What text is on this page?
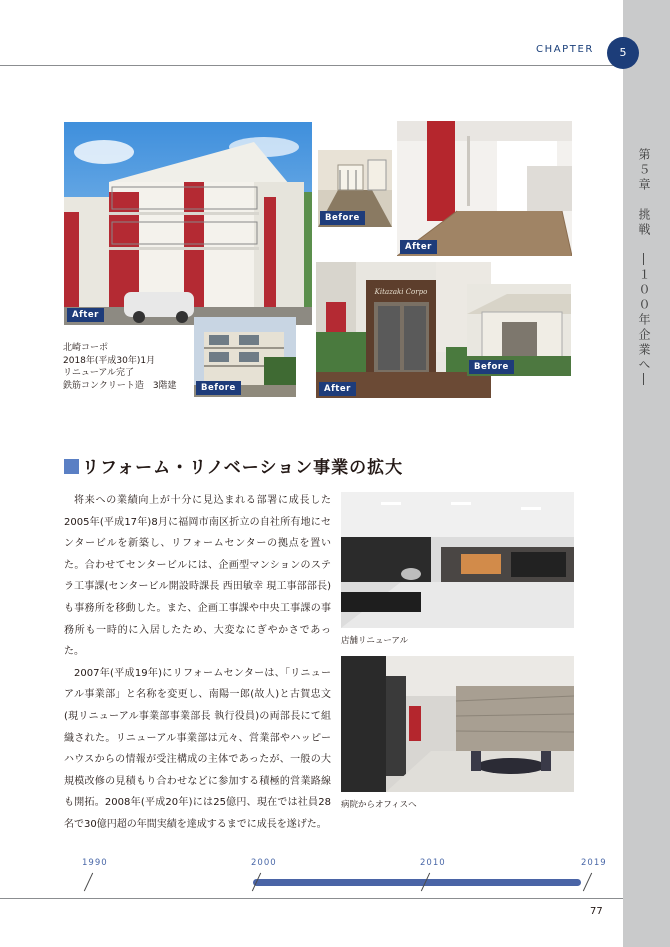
CHAPTER	5
第５章　挑戦　―１００年企業へ―
After
Before
After
Kitazaki Corpo
After
Before
Before
北崎コーポ
2018年(平成30年)1月
リニューアル完了
鉄筋コンクリート造　3階建
リフォーム・リノベーション事業の拡大

将来への業績向上が十分に見込まれる部署に成長した2005年(平成17年)8月に福岡市南区折立の自社所有地にセンタービルを新築し、リフォームセンターの拠点を置いた。合わせてセンタービルには、企画型マンションのステラ工事課(センタービル開設時課長 西田敏幸 現工事部部長)も事務所を移動した。また、企画工事課や中央工事課の事務所も一時的に入居したため、大変なにぎやかさであった。

2007年(平成19年)にリフォームセンターは、「リニューアル事業部」と名称を変更し、南陽一郎(故人)と古賀忠文(現リニューアル事業部事業部長 執行役員)の両部長にて組織された。リニューアル事業部は元々、営業部やハッピーハウスからの情報が受注構成の主体であったが、一般の大規模改修の見積もり合わせなどに参加する積極的営業路線も開拓。2008年(平成20年)には25億円、現在では社員28名で30億円超の年間実績を達成するまでに成長を遂げた。

店舗リニューアル
病院からオフィスへ
1990	2000	2010	2019
77
